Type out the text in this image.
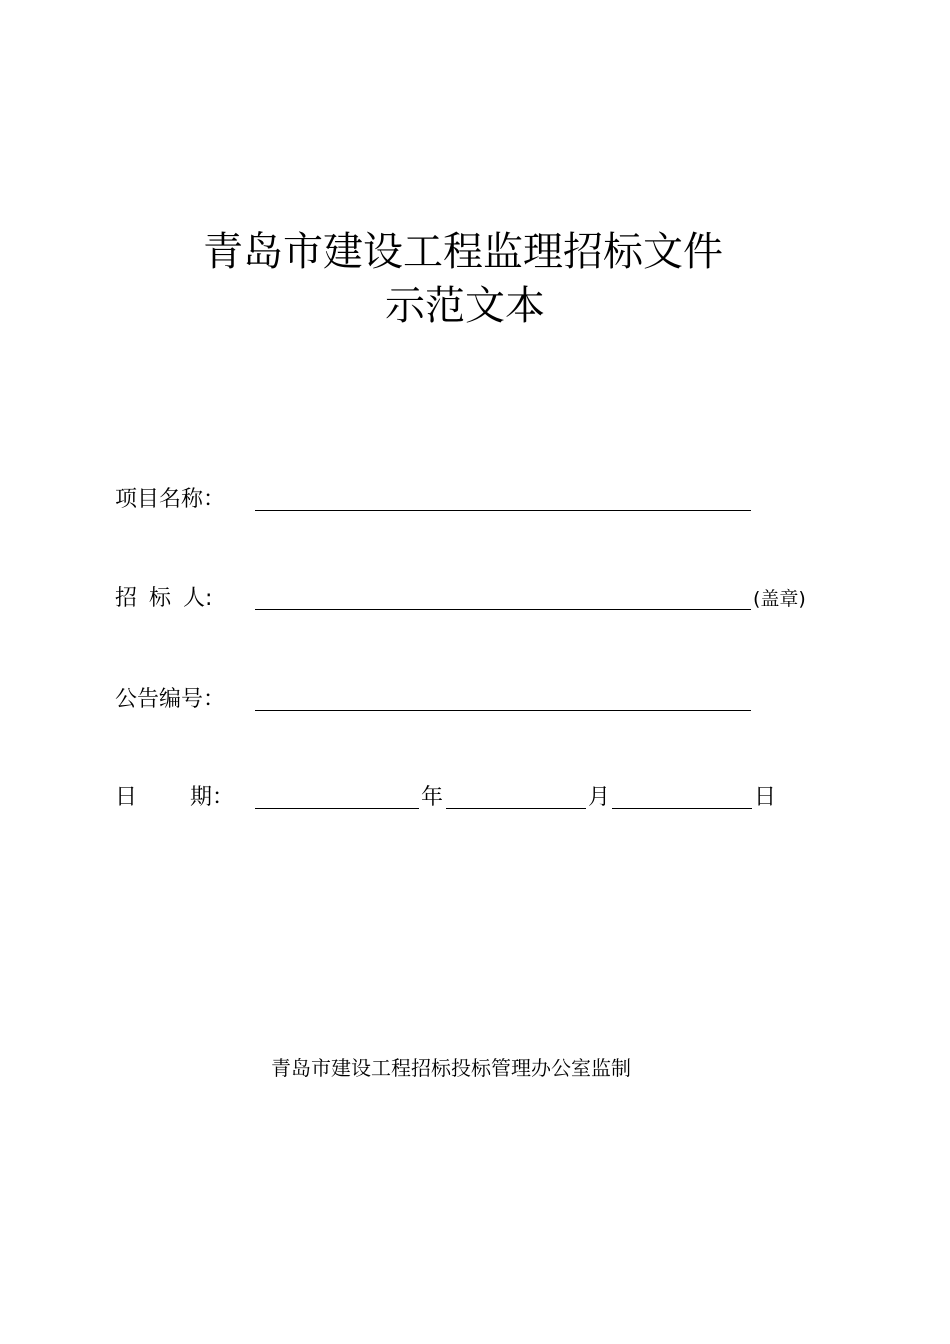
青岛市建设工程监理招标文件
示范文本
项目名称：
招 标 人:	(盖章)
公告编号：
日 期：	年	月	日
青岛市建设工程招标投标管理办公室监制
